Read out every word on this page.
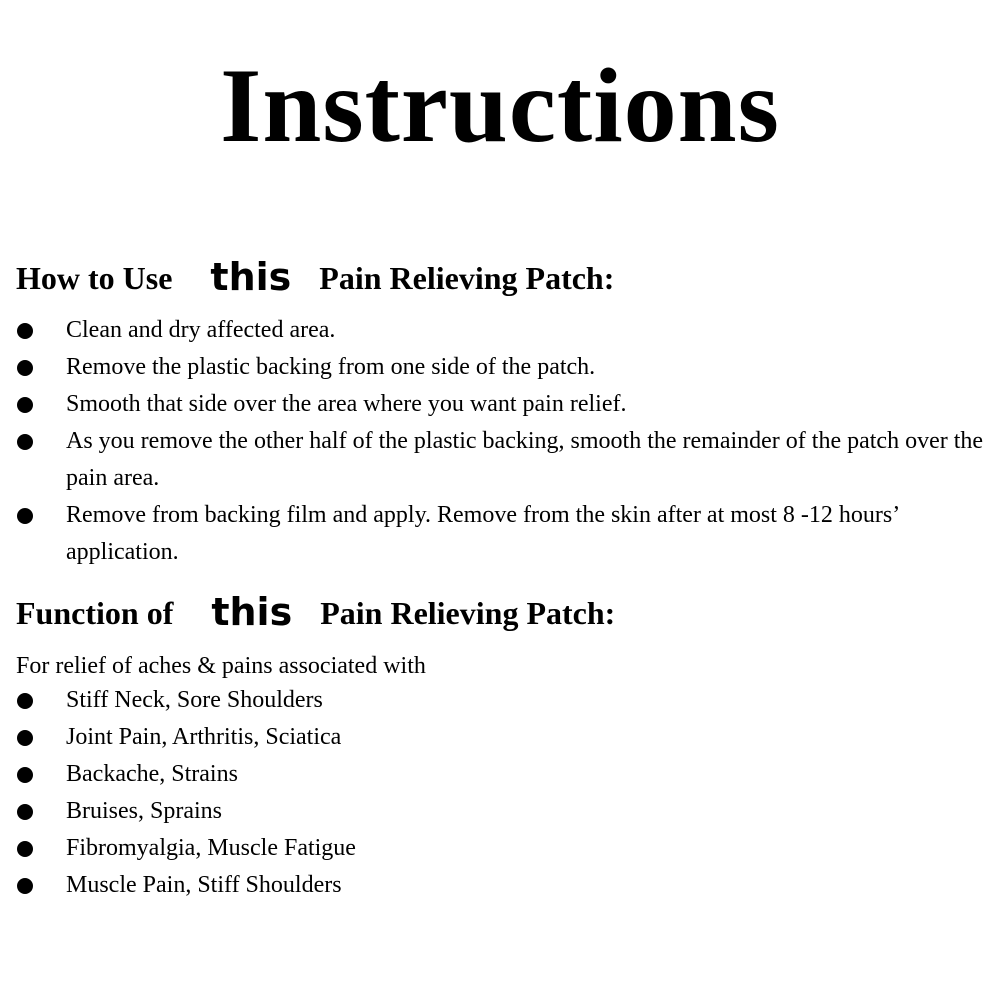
Instructions
How to Use this Pain Relieving Patch:
Clean and dry affected area.
Remove the plastic backing from one side of the patch.
Smooth that side over the area where you want pain relief.
As you remove the other half of the plastic backing, smooth the remainder of the patch over the pain area.
Remove from backing film and apply. Remove from the skin after at most 8 -12 hours’ application.
Function of this Pain Relieving Patch:
For relief of aches & pains associated with
Stiff Neck, Sore Shoulders
Joint Pain, Arthritis, Sciatica
Backache, Strains
Bruises, Sprains
Fibromyalgia, Muscle Fatigue
Muscle Pain, Stiff Shoulders
